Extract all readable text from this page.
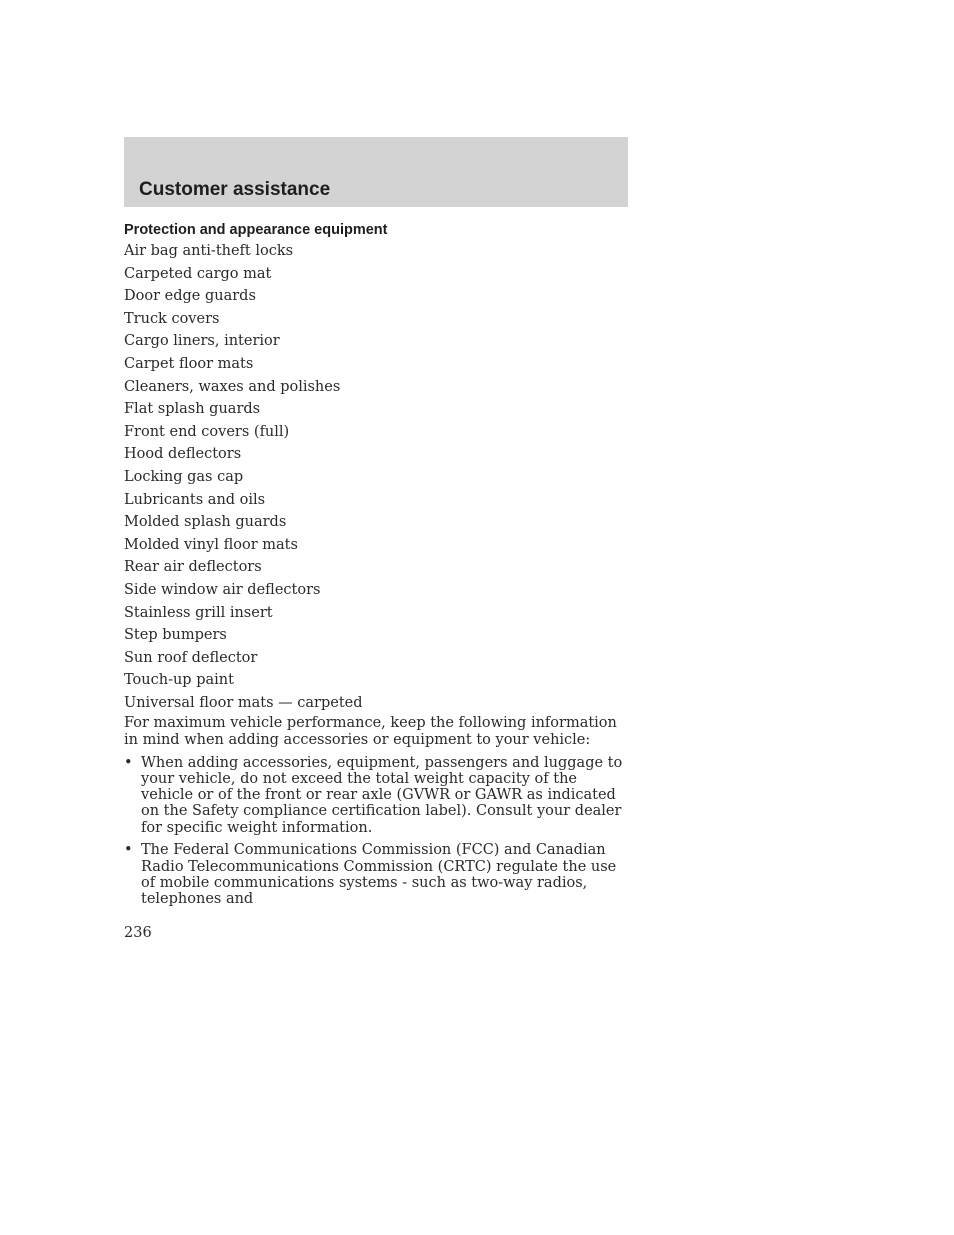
Customer assistance
Protection and appearance equipment
Air bag anti-theft locks
Carpeted cargo mat
Door edge guards
Truck covers
Cargo liners, interior
Carpet floor mats
Cleaners, waxes and polishes
Flat splash guards
Front end covers (full)
Hood deflectors
Locking gas cap
Lubricants and oils
Molded splash guards
Molded vinyl floor mats
Rear air deflectors
Side window air deflectors
Stainless grill insert
Step bumpers
Sun roof deflector
Touch-up paint
Universal floor mats — carpeted

For maximum vehicle performance, keep the following information in mind when adding accessories or equipment to your vehicle:

• When adding accessories, equipment, passengers and luggage to your vehicle, do not exceed the total weight capacity of the vehicle or of the front or rear axle (GVWR or GAWR as indicated on the Safety compliance certification label). Consult your dealer for specific weight information.
• The Federal Communications Commission (FCC) and Canadian Radio Telecommunications Commission (CRTC) regulate the use of mobile communications systems - such as two-way radios, telephones and
236
